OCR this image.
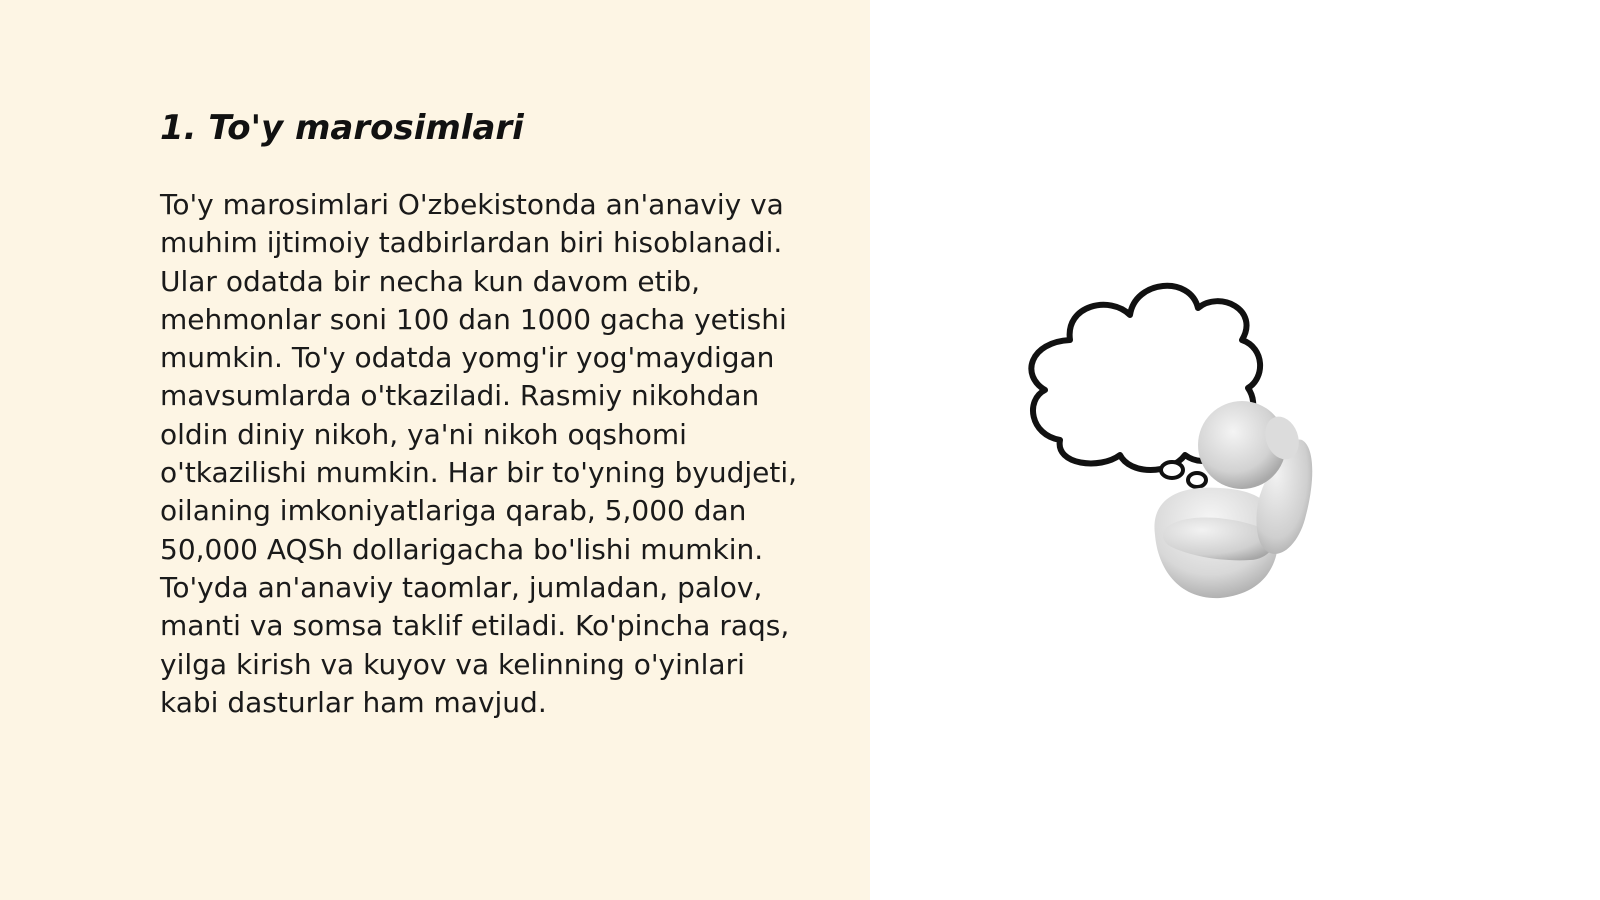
1. To'y marosimlari
To'y marosimlari O'zbekistonda an'anaviy va
muhim ijtimoiy tadbirlardan biri hisoblanadi.
Ular odatda bir necha kun davom etib,
mehmonlar soni 100 dan 1000 gacha yetishi
mumkin. To'y odatda yomg'ir yog'maydigan
mavsumlarda o'tkaziladi. Rasmiy nikohdan
oldin diniy nikoh, ya'ni nikoh oqshomi
o'tkazilishi mumkin. Har bir to'yning byudjeti,
oilaning imkoniyatlariga qarab, 5,000 dan
50,000 AQSh dollarigacha bo'lishi mumkin.
To'yda an'anaviy taomlar, jumladan, palov,
manti va somsa taklif etiladi. Ko'pincha raqs,
yilga kirish va kuyov va kelinning o'yinlari
kabi dasturlar ham mavjud.
